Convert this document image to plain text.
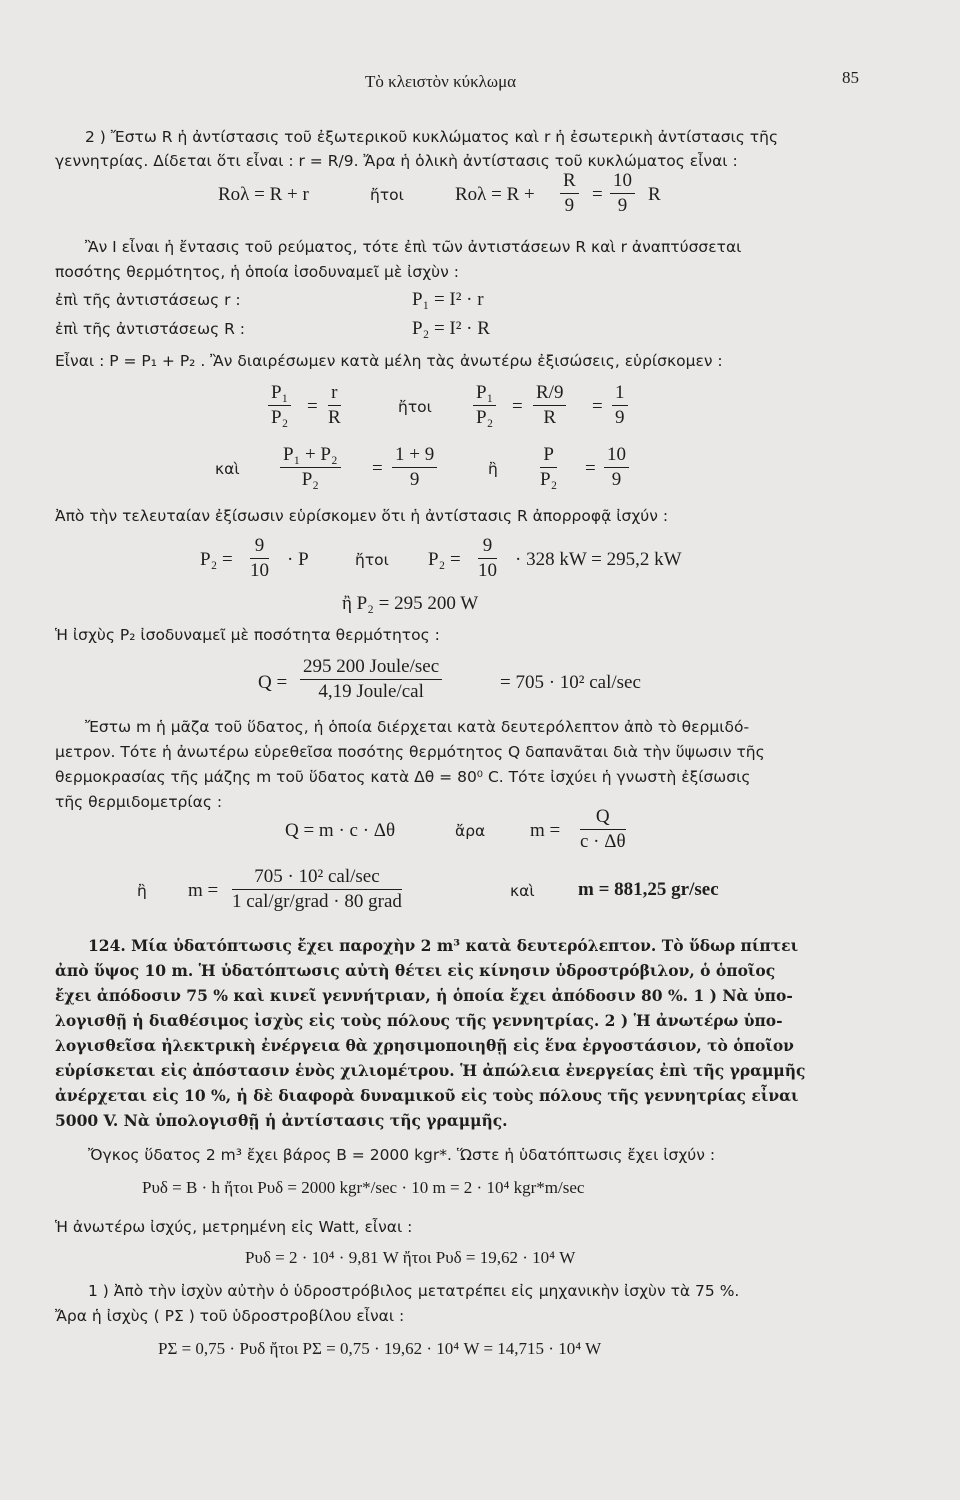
Τὸ κλειστὸν κύκλωμα	85
2 ) Ἔστω R ἡ ἀντίστασις τοῦ ἐξωτερικοῦ κυκλώματος καὶ r ἡ ἐσωτερικὴ ἀντίστασις τῆς
γεννητρίας. Δίδεται ὅτι εἶναι : r = R/9. Ἄρα ἡ ὁλικὴ ἀντίστασις τοῦ κυκλώματος εἶναι :
Rολ = R + r	ἤτοι	$Ro\lambda = R + \frac{R}{9} = \frac{10}{9}$ R
Ἂν I εἶναι ἡ ἔντασις τοῦ ρεύματος, τότε ἐπὶ τῶν ἀντιστάσεων R καὶ r ἀναπτύσσεται
ποσότης θερμότητος, ἡ ὁποία ἰσοδυναμεῖ μὲ ἰσχὺν :
ἐπὶ τῆς ἀντιστάσεως r :	P₁ = I² · r
ἐπὶ τῆς ἀντιστάσεως R :	P₂ = I² · R
Εἶναι : P = P₁ + P₂ . Ἂν διαιρέσωμεν κατὰ μέλη τὰς ἀνωτέρω ἐξισώσεις, εὑρίσκομεν :
$\frac{\text{P₁}}{\text{P₂}} = \frac{r}{R}$	ἤτοι $\frac{\text{P₁}}{\text{P₂}} = \frac{R/9}{R} = \frac{1}{9}$
καὶ $\frac{\text{P₁ + P₂}}{\text{P₂}} = \frac{1 + 9}{9}$	ἢ $\frac{P}{\text{P₂}} = \frac{10}{9}$
Ἀπὸ τὴν τελευταίαν ἐξίσωσιν εὑρίσκομεν ὅτι ἡ ἀντίστασις R ἀπορροφᾷ ἰσχύν :
$P_2 = \frac{9}{10} \cdot P$	ἤτοι $P_2 = \frac{9}{10} \cdot 328$ kW = 295,2 kW
ἢ P₂ = 295 200 W
Ἡ ἰσχὺς P₂ ἰσοδυναμεῖ μὲ ποσότητα θερμότητος :
Q =
295 200 Joule/sec
4,19 Joule/cal	= 705 · 10² cal/sec
Ἔστω m ἡ μᾶζα τοῦ ὕδατος, ἡ ὁποία διέρχεται κατὰ δευτερόλεπτον ἀπὸ τὸ θερμιδό-
μετρον. Τότε ἡ ἀνωτέρω εὑρεθεῖσα ποσότης θερμότητος Q δαπανᾶται διὰ τὴν ὕψωσιν τῆς
θερμοκρασίας τῆς μάζης m τοῦ ὕδατος κατὰ Δθ = 80⁰ C. Τότε ἰσχύει ἡ γνωστὴ ἐξίσωσις
τῆς θερμιδομετρίας :
Q = m · c · Δθ	ἄρα $m = \frac{Q}{c \cdot \Delta\theta}$
ἢ m =
705 · 10² cal/sec
1 cal/gr/grad · 80 grad	καὶ m = 881,25 gr/sec
124. Μία ὑδατόπτωσις ἔχει παροχὴν 2 m³ κατὰ δευτερόλεπτον. Τὸ ὕδωρ πίπτει
ἀπὸ ὕψος 10 m. Ἡ ὑδατόπτωσις αὐτὴ θέτει εἰς κίνησιν ὑδροστρόβιλον, ὁ ὁποῖος
ἔχει ἀπόδοσιν 75 % καὶ κινεῖ γεννήτριαν, ἡ ὁποία ἔχει ἀπόδοσιν 80 %. 1 ) Νὰ ὑπο-
λογισθῇ ἡ διαθέσιμος ἰσχὺς εἰς τοὺς πόλους τῆς γεννητρίας. 2 ) Ἡ ἀνωτέρω ὑπο-
λογισθεῖσα ἠλεκτρικὴ ἐνέργεια θὰ χρησιμοποιηθῇ εἰς ἕνα ἐργοστάσιον, τὸ ὁποῖον
εὑρίσκεται εἰς ἀπόστασιν ἑνὸς χιλιομέτρου. Ἡ ἀπώλεια ἐνεργείας ἐπὶ τῆς γραμμῆς
ἀνέρχεται εἰς 10 %, ἡ δὲ διαφορὰ δυναμικοῦ εἰς τοὺς πόλους τῆς γεννητρίας εἶναι
5000 V. Νὰ ὑπολογισθῇ ἡ ἀντίστασις τῆς γραμμῆς.
Ὄγκος ὕδατος 2 m³ ἔχει βάρος B = 2000 kgr*. Ὥστε ἡ ὑδατόπτωσις ἔχει ἰσχύν :
Pυδ = B · h ἤτοι Pυδ = 2000 kgr*/sec · 10 m = 2 · 10⁴ kgr*m/sec
Ἡ ἀνωτέρω ἰσχύς, μετρημένη εἰς Watt, εἶναι :
Pυδ = 2 · 10⁴ · 9,81 W ἤτοι Pυδ = 19,62 · 10⁴ W
1 ) Ἀπὸ τὴν ἰσχὺν αὐτὴν ὁ ὑδροστρόβιλος μετατρέπει εἰς μηχανικὴν ἰσχὺν τὰ 75 %.
Ἄρα ἡ ἰσχὺς ( PΣ ) τοῦ ὑδροστροβίλου εἶναι :
PΣ = 0,75 · Pυδ ἤτοι PΣ = 0,75 · 19,62 · 10⁴ W = 14,715 · 10⁴ W
